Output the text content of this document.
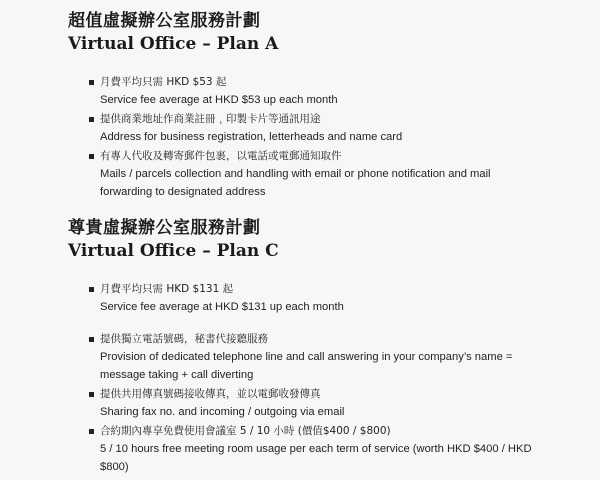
超值虛擬辦公室服務計劃
Virtual Office – Plan A
月費平均只需 HKD $53 起
Service fee average at HKD $53 up each month
提供商業地址作商業註冊﹐印製卡片等通訊用途
Address for business registration, letterheads and name card
有專人代收及轉寄郵件包裹，以電話或電郵通知取件
Mails / parcels collection and handling with email or phone notification and mail forwarding to designated address
尊貴虛擬辦公室服務計劃
Virtual Office – Plan C
月費平均只需 HKD $131 起
Service fee average at HKD $131 up each month
提供獨立電話號碼，秘書代接聽服務
Provision of dedicated telephone line and call answering in your company’s name = message taking + call diverting
提供共用傳真號碼接收傳真，並以電郵收發傳真
Sharing fax no. and incoming / outgoing via email
合約期內專享免費使用會議室 5 / 10 小時 (價值$400 / $800)
5 / 10 hours free meeting room usage per each term of service (worth HKD $400 / HKD $800)
